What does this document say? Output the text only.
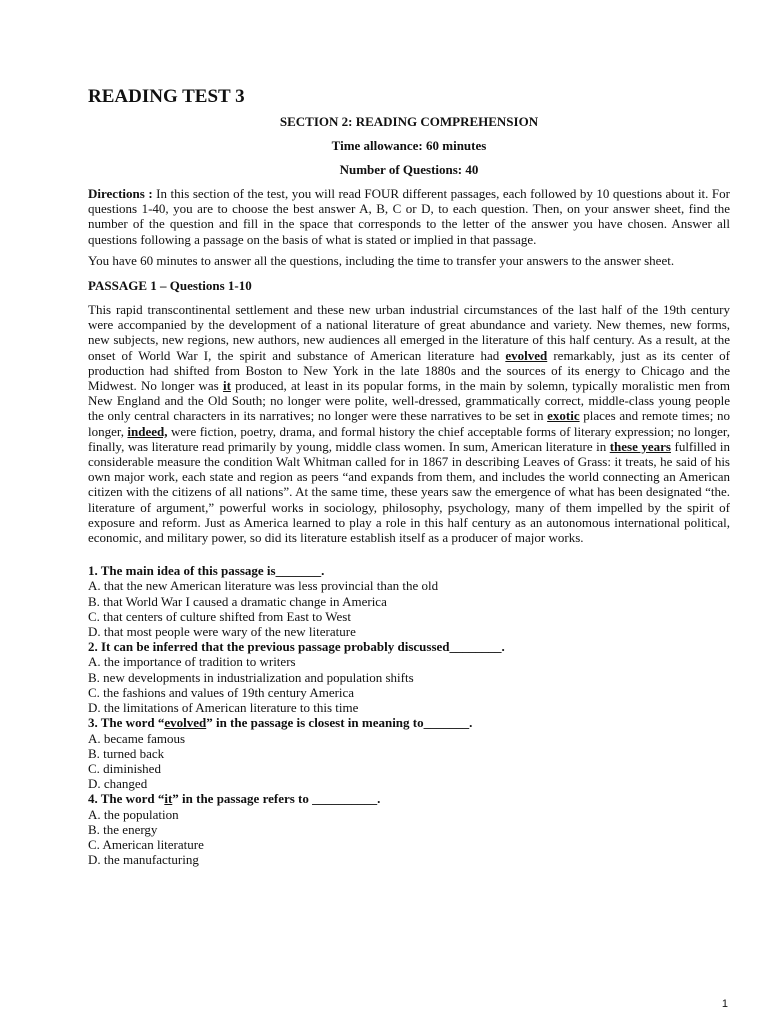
READING TEST 3
SECTION 2: READING COMPREHENSION
Time allowance: 60 minutes
Number of Questions: 40

Directions : In this section of the test, you will read FOUR different passages, each followed by 10 questions about it. For questions 1-40, you are to choose the best answer A, B, C or D, to each question. Then, on your answer sheet, find the number of the question and fill in the space that corresponds to the letter of the answer you have chosen. Answer all questions following a passage on the basis of what is stated or implied in that passage.

You have 60 minutes to answer all the questions, including the time to transfer your answers to the answer sheet.

PASSAGE 1 – Questions 1-10

This rapid transcontinental settlement and these new urban industrial circumstances of the last half of the 19th century were accompanied by the development of a national literature of great abundance and variety. New themes, new forms, new subjects, new regions, new authors, new audiences all emerged in the literature of this half century. As a result, at the onset of World War I, the spirit and substance of American literature had evolved remarkably, just as its center of production had shifted from Boston to New York in the late 1880s and the sources of its energy to Chicago and the Midwest. No longer was it produced, at least in its popular forms, in the main by solemn, typically moralistic men from New England and the Old South; no longer were polite, well-dressed, grammatically correct, middle-class young people the only central characters in its narratives; no longer were these narratives to be set in exotic places and remote times; no longer, indeed, were fiction, poetry, drama, and formal history the chief acceptable forms of literary expression; no longer, finally, was literature read primarily by young, middle class women. In sum, American literature in these years fulfilled in considerable measure the condition Walt Whitman called for in 1867 in describing Leaves of Grass: it treats, he said of his own major work, each state and region as peers “and expands from them, and includes the world connecting an American citizen with the citizens of all nations”. At the same time, these years saw the emergence of what has been designated “the. literature of argument,” powerful works in sociology, philosophy, psychology, many of them impelled by the spirit of exposure and reform. Just as America learned to play a role in this half century as an autonomous international political, economic, and military power, so did its literature establish itself as a producer of major works.

1. The main idea of this passage is_______.
A. that the new American literature was less provincial than the old
B. that World War I caused a dramatic change in America
C. that centers of culture shifted from East to West
D. that most people were wary of the new literature
2. It can be inferred that the previous passage probably discussed________.
A. the importance of tradition to writers
B. new developments in industrialization and population shifts
C. the fashions and values of 19th century America
D. the limitations of American literature to this time
3. The word “evolved” in the passage is closest in meaning to_______.
A. became famous
B. turned back
C. diminished
D. changed
4. The word “it” in the passage refers to __________.
A. the population
B. the energy
C. American literature
D. the manufacturing
1
